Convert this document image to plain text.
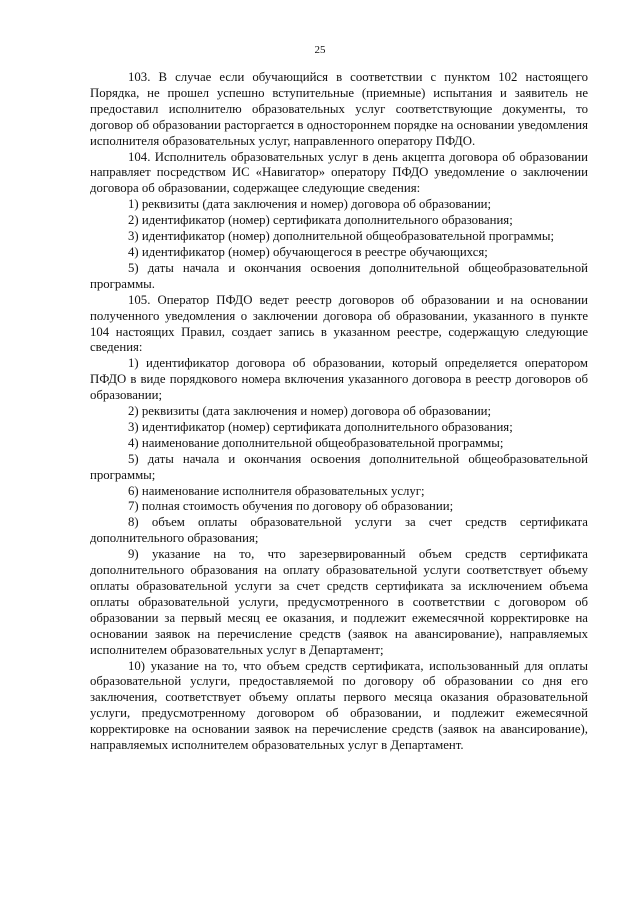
25

103. В случае если обучающийся в соответствии с пунктом 102 настоящего Порядка, не прошел успешно вступительные (приемные) испытания и заявитель не предоставил исполнителю образовательных услуг соответствующие документы, то договор об образовании расторгается в одностороннем порядке на основании уведомления исполнителя образовательных услуг, направленного оператору ПФДО.

104. Исполнитель образовательных услуг в день акцепта договора об образовании направляет посредством ИС «Навигатор» оператору ПФДО уведомление о заключении договора об образовании, содержащее следующие сведения:

1) реквизиты (дата заключения и номер) договора об образовании;

2) идентификатор (номер) сертификата дополнительного образования;

3) идентификатор (номер) дополнительной общеобразовательной программы;

4) идентификатор (номер) обучающегося в реестре обучающихся;

5) даты начала и окончания освоения дополнительной общеобразовательной программы.

105. Оператор ПФДО ведет реестр договоров об образовании и на основании полученного уведомления о заключении договора об образовании, указанного в пункте 104 настоящих Правил, создает запись в указанном реестре, содержащую следующие сведения:

1) идентификатор договора об образовании, который определяется оператором ПФДО в виде порядкового номера включения указанного договора в реестр договоров об образовании;

2) реквизиты (дата заключения и номер) договора об образовании;

3) идентификатор (номер) сертификата дополнительного образования;

4) наименование дополнительной общеобразовательной программы;

5) даты начала и окончания освоения дополнительной общеобразовательной программы;

6) наименование исполнителя образовательных услуг;

7) полная стоимость обучения по договору об образовании;

8) объем оплаты образовательной услуги за счет средств сертификата дополнительного образования;

9) указание на то, что зарезервированный объем средств сертификата дополнительного образования на оплату образовательной услуги соответствует объему оплаты образовательной услуги за счет средств сертификата за исключением объема оплаты образовательной услуги, предусмотренного в соответствии с договором об образовании за первый месяц ее оказания, и подлежит ежемесячной корректировке на основании заявок на перечисление средств (заявок на авансирование), направляемых исполнителем образовательных услуг в Департамент;

10) указание на то, что объем средств сертификата, использованный для оплаты образовательной услуги, предоставляемой по договору об образовании со дня его заключения, соответствует объему оплаты первого месяца оказания образовательной услуги, предусмотренному договором об образовании, и подлежит ежемесячной корректировке на основании заявок на перечисление средств (заявок на авансирование), направляемых исполнителем образовательных услуг в Департамент.
